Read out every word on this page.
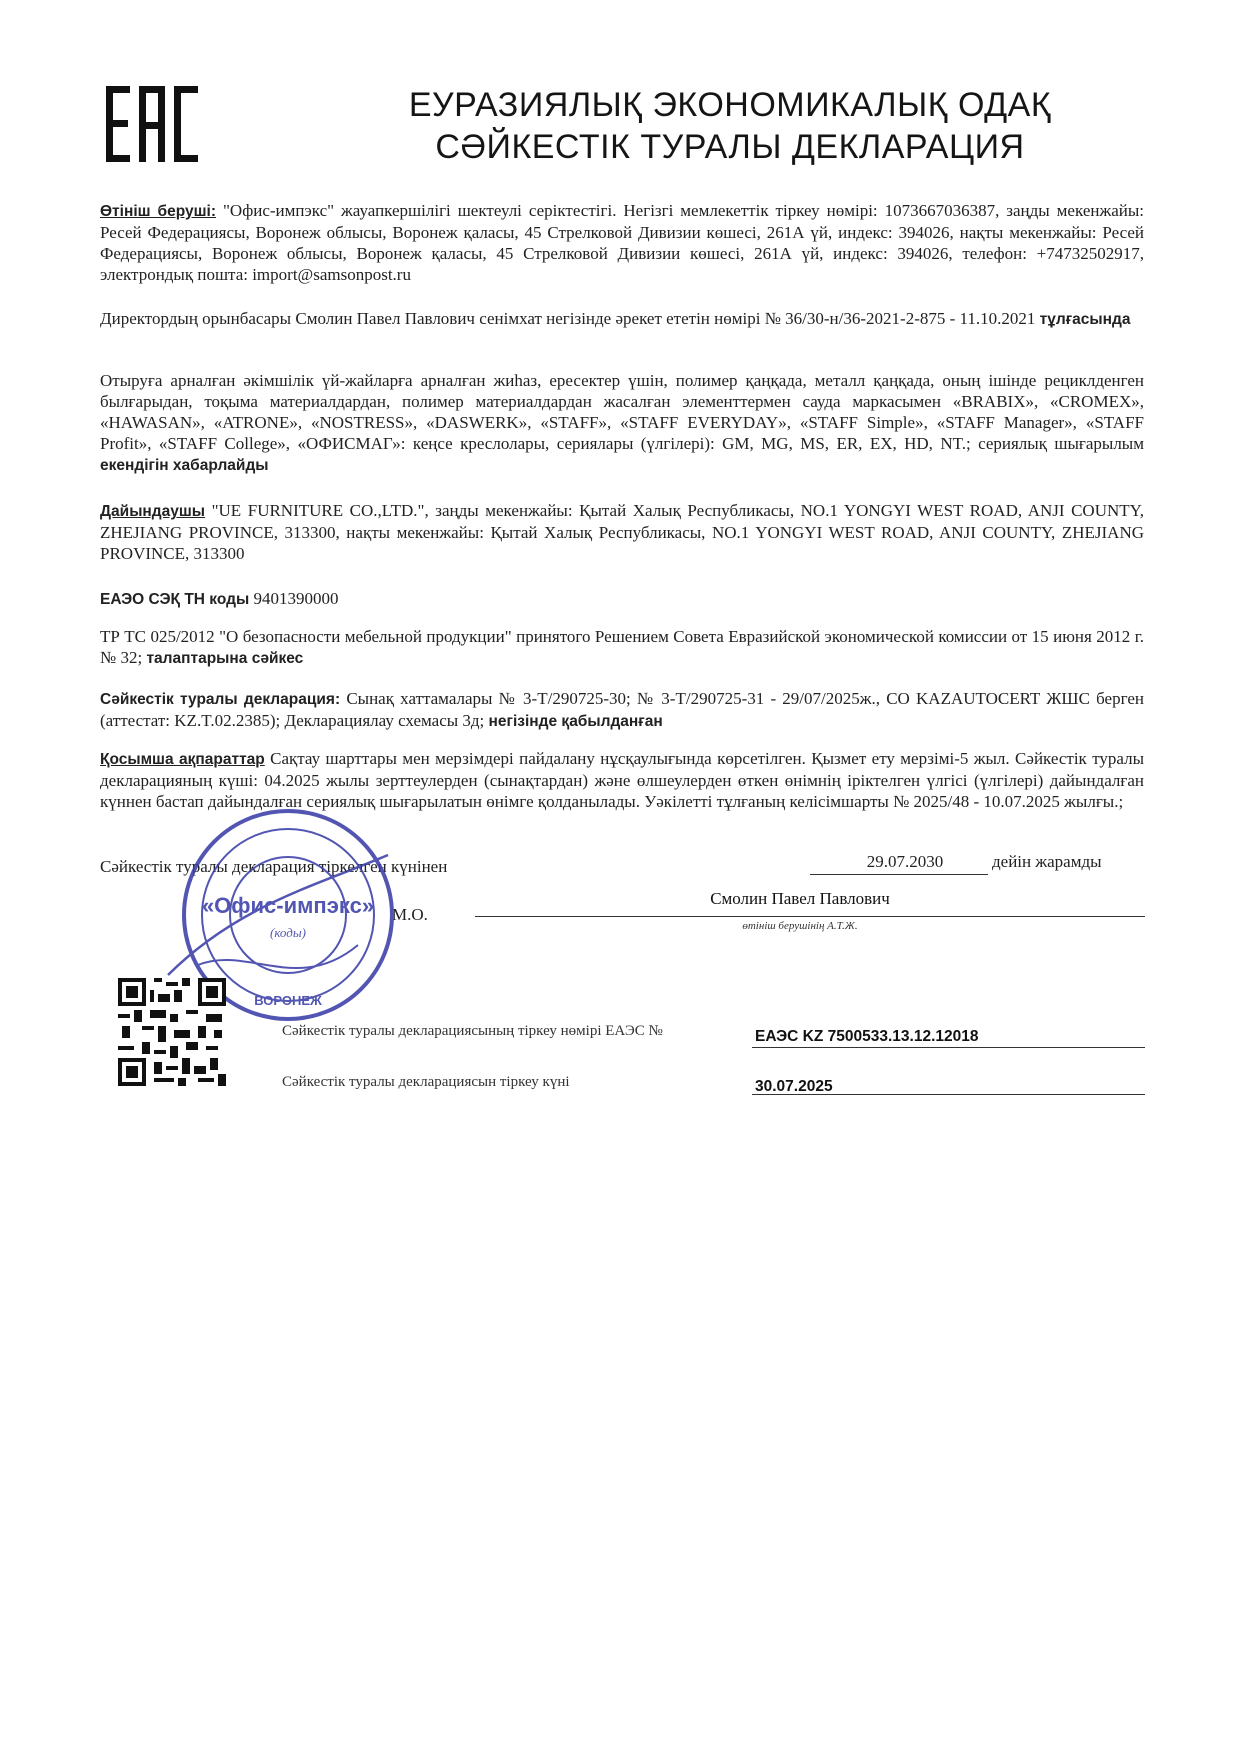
ЕУРАЗИЯЛЫҚ ЭКОНОМИКАЛЫҚ ОДАҚ
СӘЙКЕСТІК ТУРАЛЫ ДЕКЛАРАЦИЯ
Өтініш беруші: "Офис-импэкс" жауапкершілігі шектеулі серіктестігі. Негізгі мемлекеттік тіркеу нөмірі: 1073667036387, заңды мекенжайы: Ресей Федерациясы, Воронеж облысы, Воронеж қаласы, 45 Стрелковой Дивизии көшесі, 261А үй, индекс: 394026, нақты мекенжайы: Ресей Федерациясы, Воронеж облысы, Воронеж қаласы, 45 Стрелковой Дивизии көшесі, 261А үй, индекс: 394026, телефон: +74732502917, электрондық пошта: import@samsonpost.ru
Директордың орынбасары Смолин Павел Павлович сенімхат негізінде әрекет ететін нөмірі № 36/30-н/36-2021-2-875 - 11.10.2021 тұлғасында
Отыруға арналған әкімшілік үй-жайларға арналған жиһаз, ересектер үшін, полимер қаңқада, металл қаңқада, оның ішінде рециклденген былғарыдан, тоқыма материалдардан, полимер материалдардан жасалған элементтермен сауда маркасымен «BRABIX», «CROMEX», «HAWASAN», «ATRONE», «NOSTRESS», «DASWERK», «STAFF», «STAFF EVERYDAY», «STAFF Simple», «STAFF Manager», «STAFF Profit», «STAFF College», «ОФИСМАГ»: кеңсе креслолары, сериялары (үлгілері): GM, MG, MS, ER, EX, HD, NT.; сериялық шығарылым екендігін хабарлайды
Дайындаушы "UE FURNITURE CO.,LTD.", заңды мекенжайы: Қытай Халық Республикасы, NO.1 YONGYI WEST ROAD, ANJI COUNTY, ZHEJIANG PROVINCE, 313300, нақты мекенжайы: Қытай Халық Республикасы, NO.1 YONGYI WEST ROAD, ANJI COUNTY, ZHEJIANG PROVINCE, 313300
ЕАЭО СЭҚ ТН коды 9401390000
ТР ТС 025/2012 "О безопасности мебельной продукции" принятого Решением Совета Евразийской экономической комиссии от 15 июня 2012 г. № 32; талаптарына сәйкес
Сәйкестік туралы декларация: Сынақ хаттамалары № 3-Т/290725-30; № 3-Т/290725-31 - 29/07/2025ж., СО KAZAUTOCERT ЖШС берген (аттестат: KZ.T.02.2385); Декларациялау схемасы 3д; негізінде қабылданған
Қосымша ақпараттар Сақтау шарттары мен мерзімдері пайдалану нұсқаулығында көрсетілген. Қызмет ету мерзімі-5 жыл. Сәйкестік туралы декларацияның күші: 04.2025 жылы зерттеулерден (сынақтардан) және өлшеулерден өткен өнімнің іріктелген үлгісі (үлгілері) дайындалған күннен бастап дайындалған сериялық шығарылатын өнімге қолданылады. Уәкілетті тұлғаның келісімшарты № 2025/48 - 10.07.2025 жылғы.;
Сәйкестік туралы декларация тіркелген күнінен	29.07.2030	дейін жарамды
М.О.
Смолин Павел Павлович
өтініш берушінің А.Т.Ж.
«Офис-импэкс»
(коды)
ВОРОНЕЖ
Сәйкестік туралы декларациясының тіркеу нөмірі ЕАЭС №	ЕАЭС KZ 7500533.13.12.12018
Сәйкестік туралы декларациясын тіркеу күні	30.07.2025
